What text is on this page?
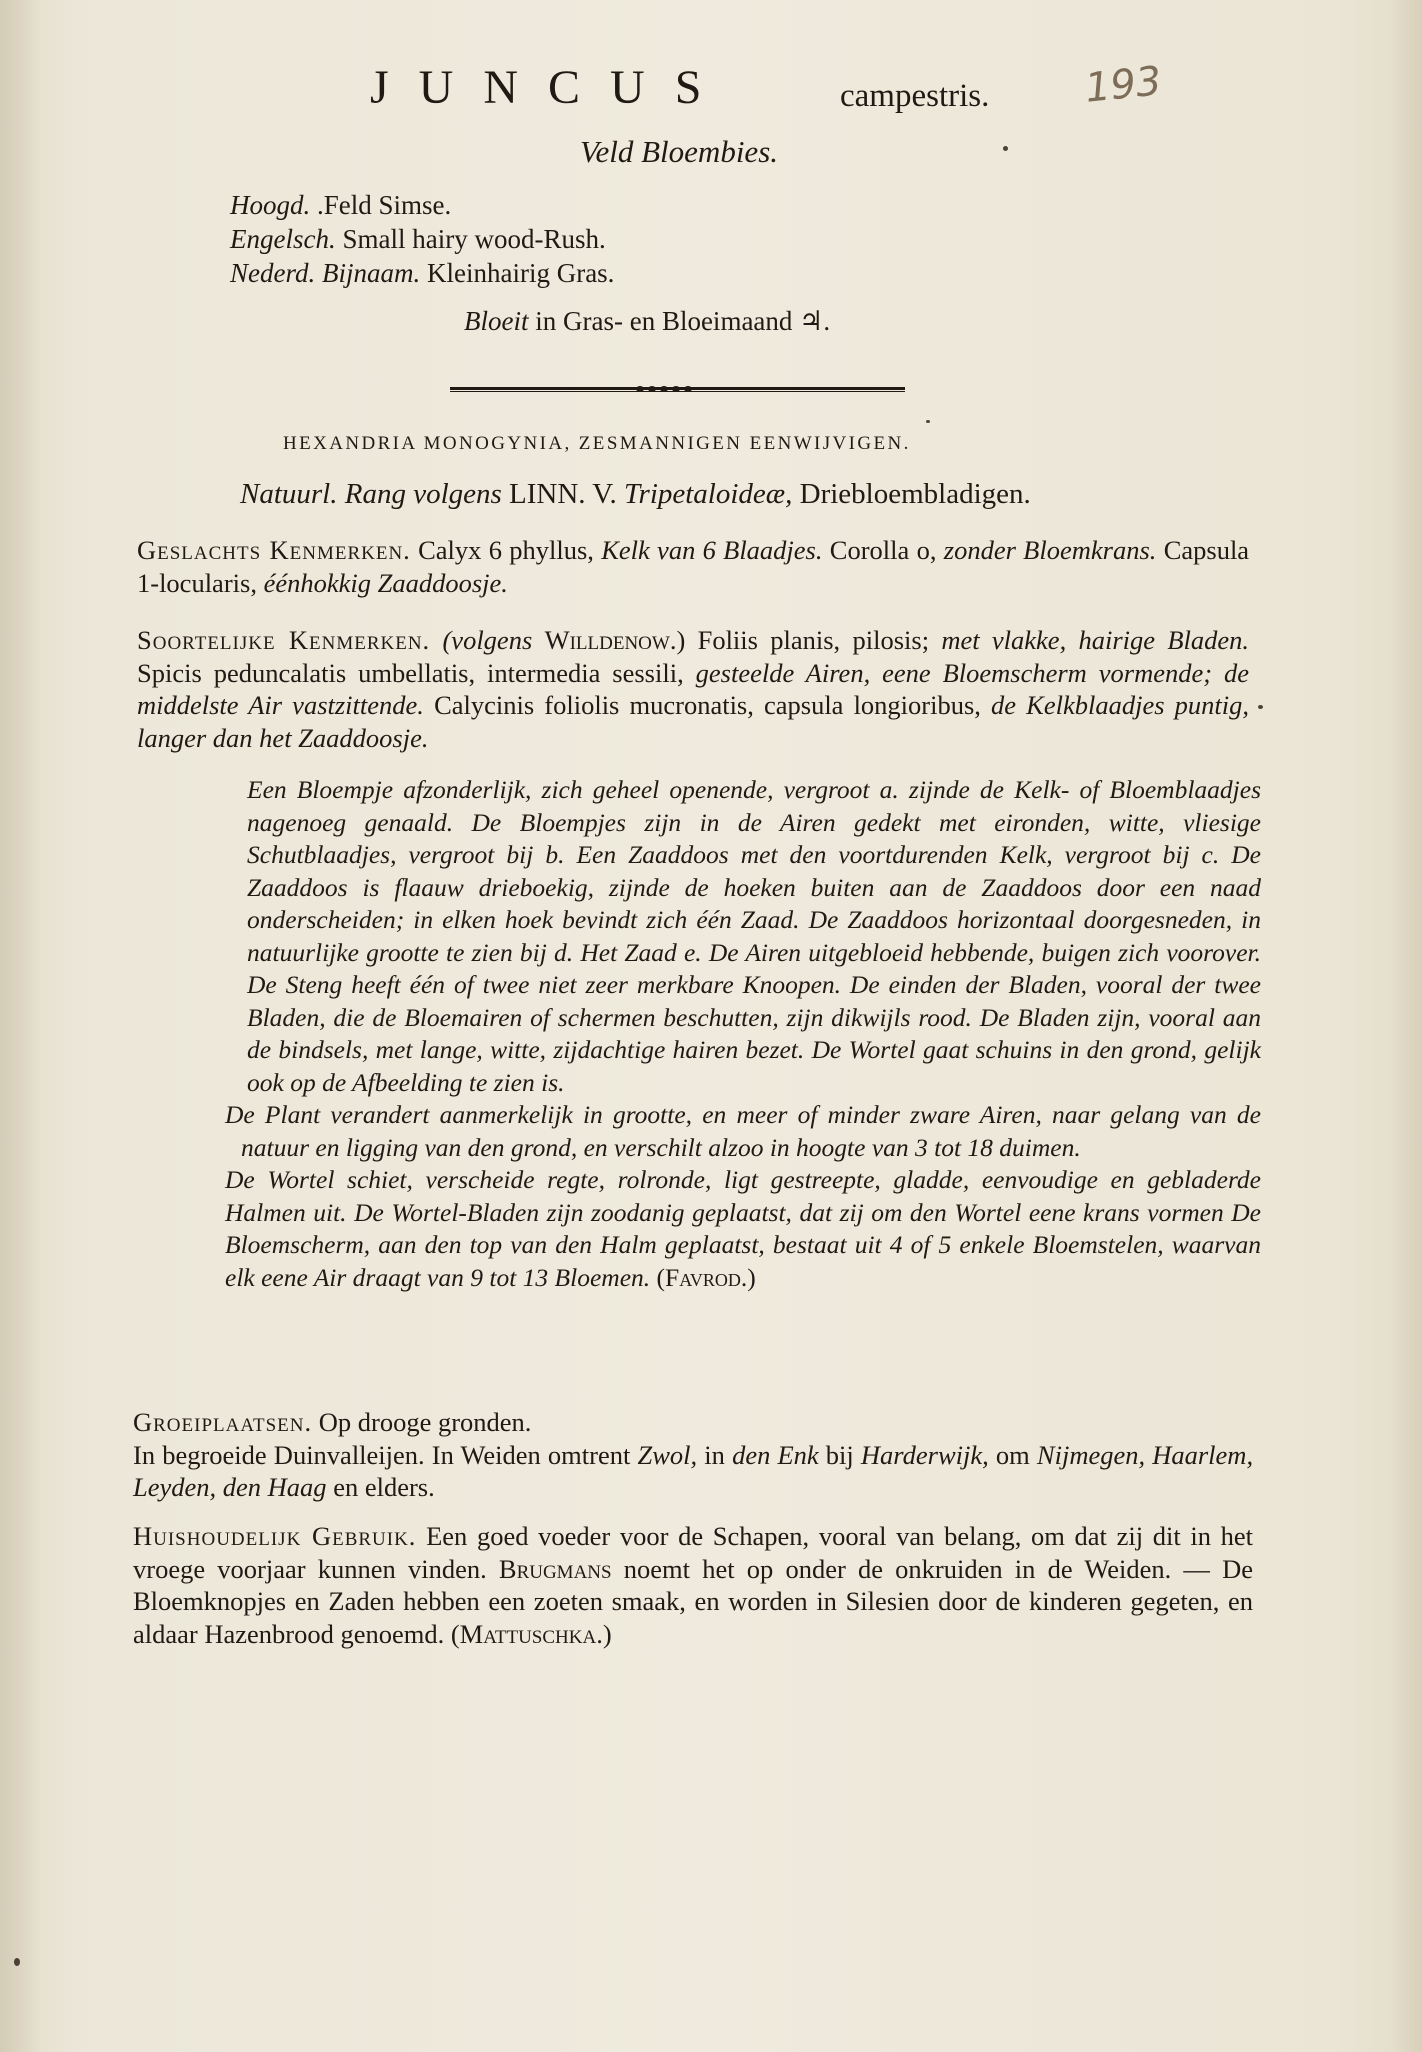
JUNCUS	campestris. 193
Veld Bloembies.
Hoogd. .Feld Simse.
Engelsch. Small hairy wood-Rush.
Nederd. Bijnaam. Kleinhairig Gras.
Bloeit in Gras- en Bloeimaand ♃.
HEXANDRIA MONOGYNIA, ZESMANNIGEN EENWIJVIGEN.
Natuurl. Rang volgens LINN. V. Tripetaloideæ, Driebloembladigen.
Geslachts Kenmerken. Calyx 6 phyllus, Kelk van 6 Blaadjes. Corolla o, zonder Bloemkrans. Capsula 1-locularis, éénhokkig Zaaddoosje.
Soortelijke Kenmerken. (volgens Willdenow.) Foliis planis, pilosis; met vlakke, hairige Bladen. Spicis peduncalatis umbellatis, intermedia sessili, gesteelde Airen, eene Bloemscherm vormende; de middelste Air vastzittende. Calycinis foliolis mucronatis, capsula longioribus, de Kelkblaadjes puntig, langer dan het Zaaddoosje.

Een Bloempje afzonderlijk, zich geheel openende, vergroot a. zijnde de Kelk- of Bloemblaadjes nagenoeg genaald. De Bloempjes zijn in de Airen gedekt met eironden, witte, vliesige Schutblaadjes, vergroot bij b. Een Zaaddoos met den voortdurenden Kelk, vergroot bij c. De Zaaddoos is flaauw drieboekig, zijnde de hoeken buiten aan de Zaaddoos door een naad onderscheiden; in elken hoek bevindt zich één Zaad. De Zaaddoos horizontaal doorgesneden, in natuurlijke grootte te zien bij d. Het Zaad e. De Airen uitgebloeid hebbende, buigen zich voorover. De Steng heeft één of twee niet zeer merkbare Knoopen. De einden der Bladen, vooral der twee Bladen, die de Bloemairen of schermen beschutten, zijn dikwijls rood. De Bladen zijn, vooral aan de bindsels, met lange, witte, zijdachtige hairen bezet. De Wortel gaat schuins in den grond, gelijk ook op de Afbeelding te zien is.

De Plant verandert aanmerkelijk in grootte, en meer of minder zware Airen, naar gelang van de natuur en ligging van den grond, en verschilt alzoo in hoogte van 3 tot 18 duimen.

De Wortel schiet, verscheide regte, rolronde, ligt gestreepte, gladde, eenvoudige en gebladerde Halmen uit. De Wortel-Bladen zijn zoodanig geplaatst, dat zij om den Wortel eene krans vormen De Bloemscherm, aan den top van den Halm geplaatst, bestaat uit 4 of 5 enkele Bloemstelen, waarvan elk eene Air draagt van 9 tot 13 Bloemen. (Favrod.)

Groeiplaatsen. Op drooge gronden.
In begroeide Duinvalleijen. In Weiden omtrent Zwol, in den Enk bij Harderwijk, om Nijmegen, Haarlem, Leyden, den Haag en elders.
Huishoudelijk Gebruik. Een goed voeder voor de Schapen, vooral van belang, om dat zij dit in het vroege voorjaar kunnen vinden. Brugmans noemt het op onder de onkruiden in de Weiden. — De Bloemknopjes en Zaden hebben een zoeten smaak, en worden in Silesien door de kinderen gegeten, en aldaar Hazenbrood genoemd. (Mattuschka.)
